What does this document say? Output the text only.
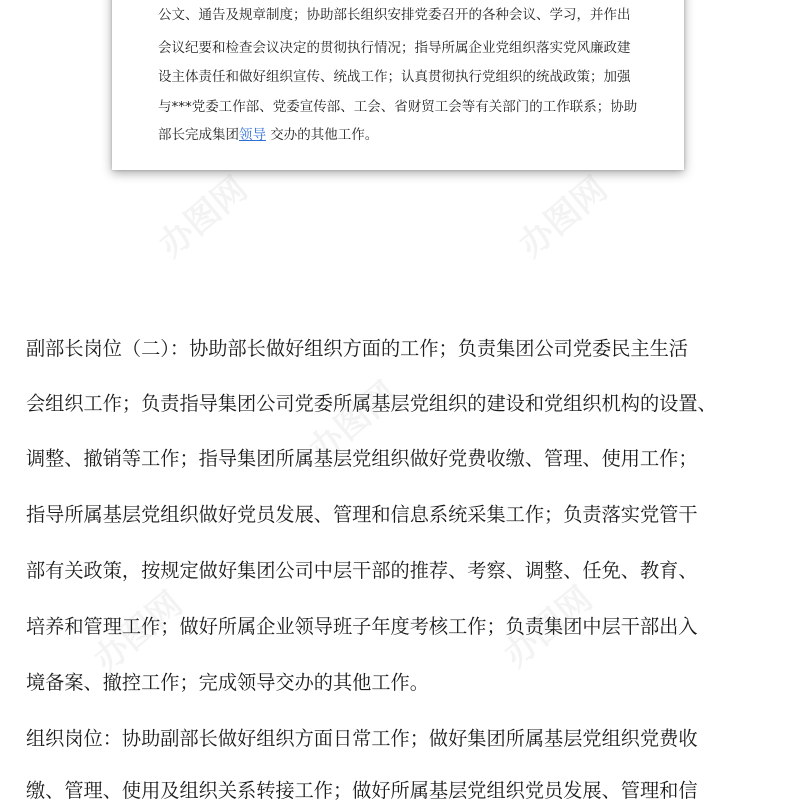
公文、通告及规章制度；协助部长组织安排党委召开的各种会议、学习，并作出
会议纪要和检查会议决定的贯彻执行情况；指导所属企业党组织落实党风廉政建
设主体责任和做好组织宣传、统战工作；认真贯彻执行党组织的统战政策；加强
与***党委工作部、党委宣传部、工会、省财贸工会等有关部门的工作联系；协助
部长完成集团领导 交办的其他工作。
副部长岗位（二）：协助部长做好组织方面的工作；负责集团公司党委民主生活
会组织工作；负责指导集团公司党委所属基层党组织的建设和党组织机构的设置、
调整、撤销等工作；指导集团所属基层党组织做好党费收缴、管理、使用工作；
指导所属基层党组织做好党员发展、管理和信息系统采集工作；负责落实党管干
部有关政策，按规定做好集团公司中层干部的推荐、考察、调整、任免、教育、
培养和管理工作；做好所属企业领导班子年度考核工作；负责集团中层干部出入
境备案、撤控工作；完成领导交办的其他工作。
组织岗位：协助副部长做好组织方面日常工作；做好集团所属基层党组织党费收
缴、管理、使用及组织关系转接工作；做好所属基层党组织党员发展、管理和信
办图网	办图网
办图网
办图网	办图网
